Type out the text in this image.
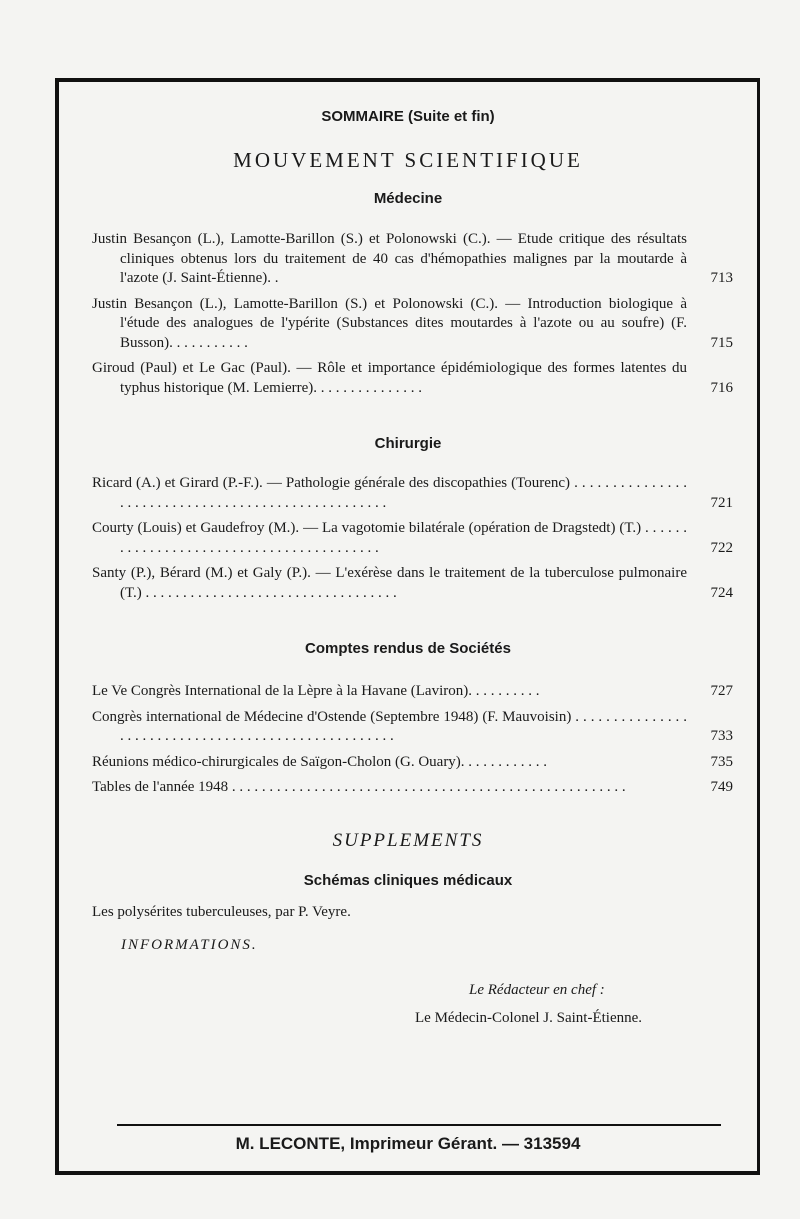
SOMMAIRE (Suite et fin)
MOUVEMENT SCIENTIFIQUE
Médecine
Justin Besançon (L.), Lamotte-Barillon (S.) et Polonowski (C.). — Etude critique des résultats cliniques obtenus lors du traitement de 40 cas d'hémopathies malignes par la moutarde à l'azote (J. Saint-Étienne). .	713
Justin Besançon (L.), Lamotte-Barillon (S.) et Polonowski (C.). — Introduction biologique à l'étude des analogues de l'ypérite (Substances dites moutardes à l'azote ou au soufre) (F. Busson). . . . . . . . . . .	715
Giroud (Paul) et Le Gac (Paul). — Rôle et importance épidémiologique des formes latentes du typhus historique (M. Lemierre). . . . . . . . . . . . . . .	716
Chirurgie
Ricard (A.) et Girard (P.-F.). — Pathologie générale des discopathies (Tourenc) . . . . . . . . . . . . . . . . . . . . . . . . . . . . . . . . . . . . . . . . . . . . . . . . . . .	721
Courty (Louis) et Gaudefroy (M.). — La vagotomie bilatérale (opération de Dragstedt) (T.) . . . . . . . . . . . . . . . . . . . . . . . . . . . . . . . . . . . . . . . . .	722
Santy (P.), Bérard (M.) et Galy (P.). — L'exérèse dans le traitement de la tuberculose pulmonaire (T.) . . . . . . . . . . . . . . . . . . . . . . . . . . . . . . . . . .	724
Comptes rendus de Sociétés
Le Ve Congrès International de la Lèpre à la Havane (Laviron). . . . . . . . . .	727
Congrès international de Médecine d'Ostende (Septembre 1948) (F. Mauvoisin) . . . . . . . . . . . . . . . . . . . . . . . . . . . . . . . . . . . . . . . . . . . . . . . . . . . .	733
Réunions médico-chirurgicales de Saïgon-Cholon (G. Ouary). . . . . . . . . . . .	735
Tables de l'année 1948 . . . . . . . . . . . . . . . . . . . . . . . . . . . . . . . . . . . . . . . . . . . . . . . . . . . . .	749
SUPPLEMENTS
Schémas cliniques médicaux
Les polysérites tuberculeuses, par P. Veyre.
INFORMATIONS.
Le Rédacteur en chef :
Le Médecin-Colonel J. Saint-Étienne.
M. LECONTE, Imprimeur Gérant. — 313594
